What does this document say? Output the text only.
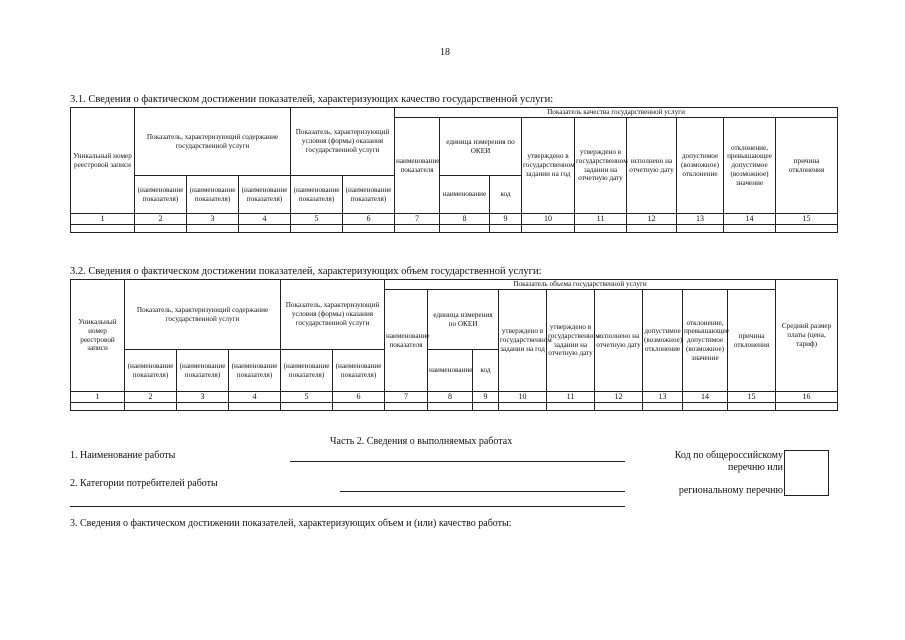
18
3.1. Сведения о фактическом достижении показателей, характеризующих качество государственной услуги:
Уникальный номер реестровой записи	Показатель, характеризующий содержание государственной услуги			Показатель, характеризующий условия (формы) оказания государственной услуги		Показатель качества государственной услуги								
						наименование показателя	единица измерения по ОКЕИ		утверждено в государственном задании на год	утверждено в государственном задании на отчетную дату	исполнено на отчетную дату	допустимое (возможное) отклонение	отклонение, превышающее допустимое (возможное) значение	причина отклонения
	(наименование показателя)	(наименование показателя)	(наименование показателя)	(наименование показателя)	(наименование показателя)		наименование	код						
1	2	3	4	5	6	7	8	9	10	11	12	13	14	15

3.2. Сведения о фактическом достижении показателей, характеризующих объем государственной услуги:
Уникальный номер реестровой записи	Показатель, характеризующий содержание государственной услуги			Показатель, характеризующий условия (формы) оказания государственной услуги		Показатель объема государственной услуги									Средний размер платы (цена, тариф)
						наименование показателя	единица измерения по ОКЕИ		утверждено в государственном задании на год	утверждено в государственном задании на отчетную дату	исполнено на отчетную дату	допустимое (возможное) отклонение	отклонение, превышающее допустимое (возможное) значение	причина отклонения	
	(наименование показателя)	(наименование показателя)	(наименование показателя)	(наименование показателя)	(наименование показателя)		наименование	код							
1	2	3	4	5	6	7	8	9	10	11	12	13	14	15	16

Часть 2. Сведения о выполняемых работах
1. Наименование работы
2. Категории потребителей работы
Код по общероссийскому
перечню или
региональному перечню
3. Сведения о фактическом достижении показателей, характеризующих объем и (или) качество работы:
